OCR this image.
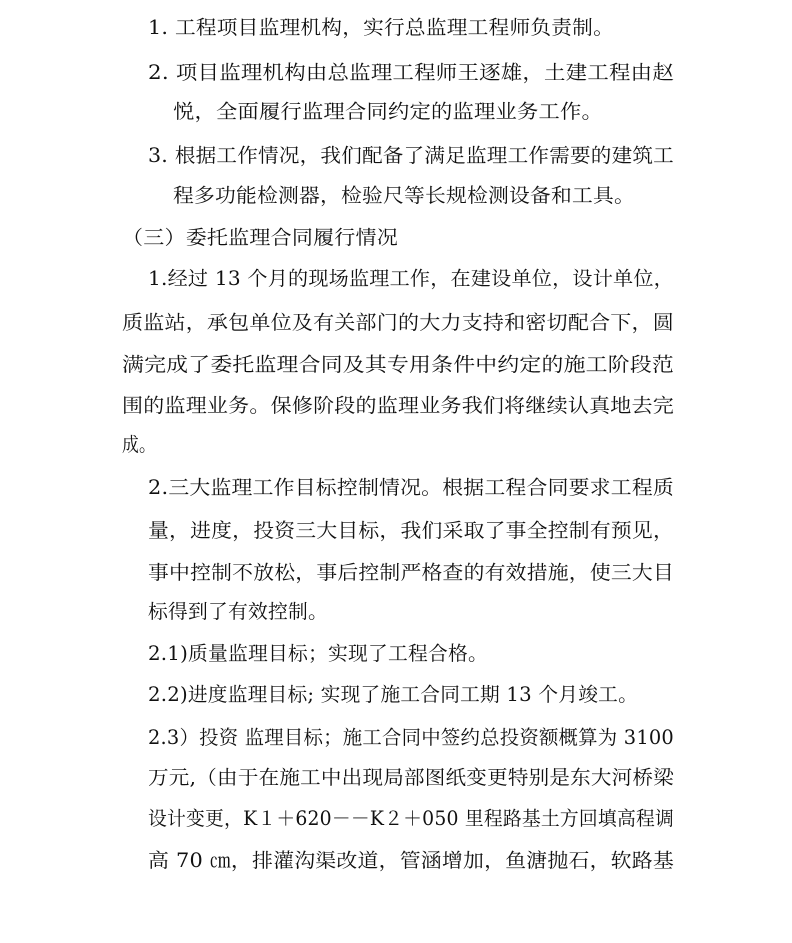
1. 工程项目监理机构，实行总监理工程师负责制。
2. 项目监理机构由总监理工程师王逐雄，土建工程由赵
悦，全面履行监理合同约定的监理业务工作。
3. 根据工作情况，我们配备了满足监理工作需要的建筑工
程多功能检测器，检验尺等长规检测设备和工具。
（三）委托监理合同履行情况
1.经过 13 个月的现场监理工作，在建设单位，设计单位，
质监站，承包单位及有关部门的大力支持和密切配合下，圆
满完成了委托监理合同及其专用条件中约定的施工阶段范
围的监理业务。保修阶段的监理业务我们将继续认真地去完
成。
2.三大监理工作目标控制情况。根据工程合同要求工程质
量，进度，投资三大目标，我们采取了事全控制有预见，
事中控制不放松，事后控制严格查的有效措施，使三大目
标得到了有效控制。
2.1)质量监理目标；实现了工程合格。
2.2)进度监理目标; 实现了施工合同工期 13 个月竣工。
2.3）投资 监理目标；施工合同中签约总投资额概算为 3100
万元,（由于在施工中出现局部图纸变更特别是东大河桥梁
设计变更，K１＋620－－K２＋050 里程路基土方回填高程调
高 70 ㎝，排灌沟渠改道，管涵增加，鱼溏抛石，软路基
